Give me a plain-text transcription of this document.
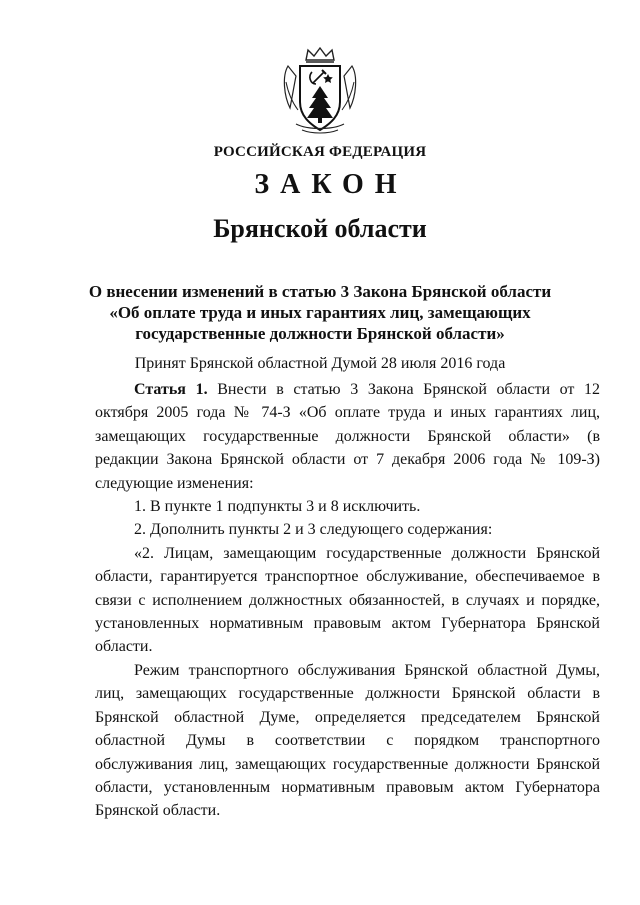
РОССИЙСКАЯ ФЕДЕРАЦИЯ
ЗАКОН
Брянской области
О внесении изменений в статью 3 Закона Брянской области
«Об оплате труда и иных гарантиях лиц, замещающих
государственные должности Брянской области»
Принят Брянской областной Думой 28 июля 2016 года

Статья 1. Внести в статью 3 Закона Брянской области от 12 октября 2005 года № 74-З «Об оплате труда и иных гарантиях лиц, замещающих государственные должности Брянской области» (в редакции Закона Брянской области от 7 декабря 2006 года № 109-З) следующие изменения:

1. В пункте 1 подпункты 3 и 8 исключить.

2. Дополнить пункты 2 и 3 следующего содержания:

«2. Лицам, замещающим государственные должности Брянской области, гарантируется транспортное обслуживание, обеспечиваемое в связи с исполнением должностных обязанностей, в случаях и порядке, установленных нормативным правовым актом Губернатора Брянской области.

Режим транспортного обслуживания Брянской областной Думы, лиц, замещающих государственные должности Брянской области в Брянской областной Думе, определяется председателем Брянской областной Думы в соответствии с порядком транспортного обслуживания лиц, замещающих государственные должности Брянской области, установленным нормативным правовым актом Губернатора Брянской области.
